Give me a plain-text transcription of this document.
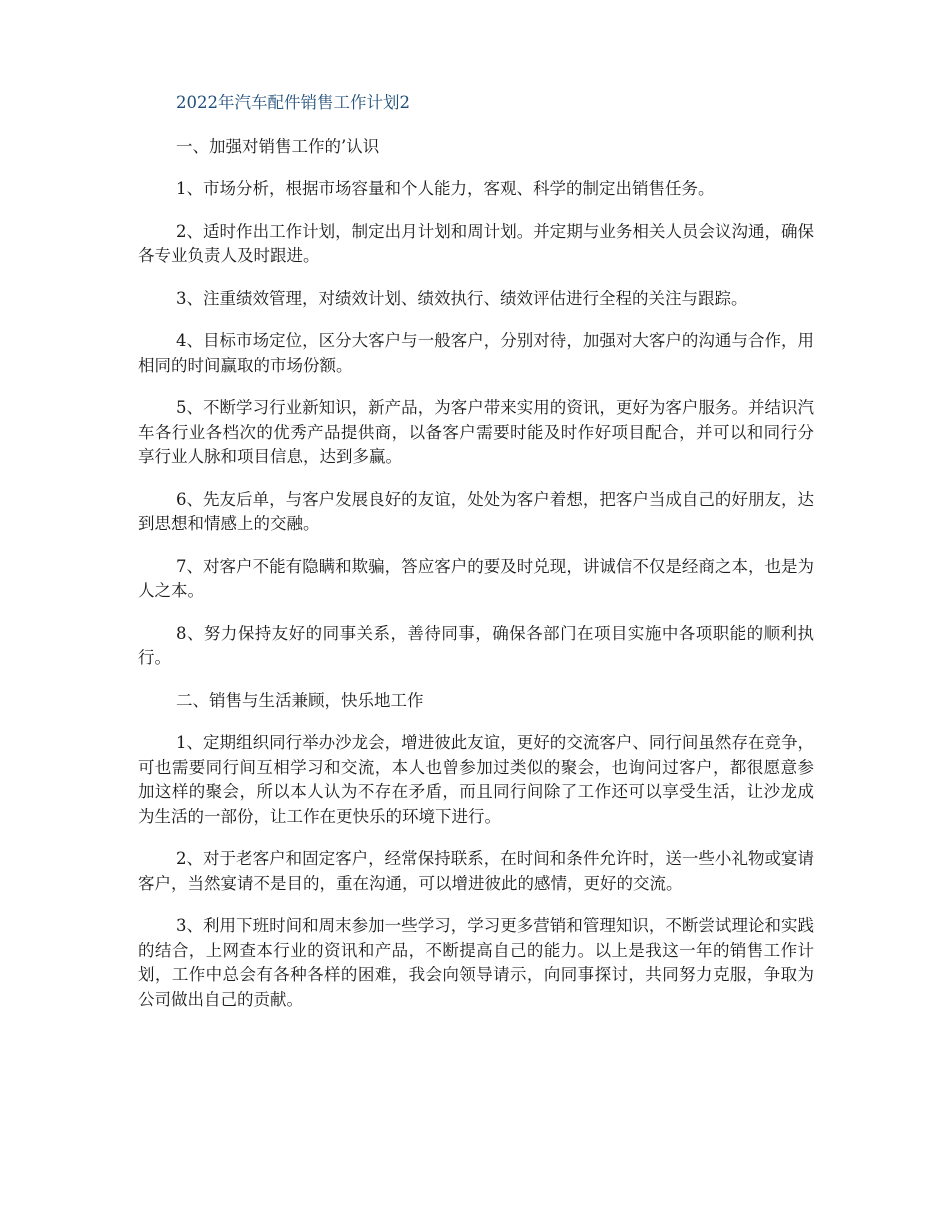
2022年汽车配件销售工作计划2
一、加强对销售工作的’认识
1、市场分析，根据市场容量和个人能力，客观、科学的制定出销售任务。
2、适时作出工作计划，制定出月计划和周计划。并定期与业务相关人员会议沟通，确保各专业负责人及时跟进。
3、注重绩效管理，对绩效计划、绩效执行、绩效评估进行全程的关注与跟踪。
4、目标市场定位，区分大客户与一般客户，分别对待，加强对大客户的沟通与合作，用相同的时间赢取的市场份额。
5、不断学习行业新知识，新产品，为客户带来实用的资讯，更好为客户服务。并结识汽车各行业各档次的优秀产品提供商，以备客户需要时能及时作好项目配合，并可以和同行分享行业人脉和项目信息，达到多赢。
6、先友后单，与客户发展良好的友谊，处处为客户着想，把客户当成自己的好朋友，达到思想和情感上的交融。
7、对客户不能有隐瞒和欺骗，答应客户的要及时兑现，讲诚信不仅是经商之本，也是为人之本。
8、努力保持友好的同事关系，善待同事，确保各部门在项目实施中各项职能的顺利执行。
二、销售与生活兼顾，快乐地工作
1、定期组织同行举办沙龙会，增进彼此友谊，更好的交流客户、同行间虽然存在竞争，可也需要同行间互相学习和交流，本人也曾参加过类似的聚会，也询问过客户，都很愿意参加这样的聚会，所以本人认为不存在矛盾，而且同行间除了工作还可以享受生活，让沙龙成为生活的一部份，让工作在更快乐的环境下进行。
2、对于老客户和固定客户，经常保持联系，在时间和条件允许时，送一些小礼物或宴请客户，当然宴请不是目的，重在沟通，可以增进彼此的感情，更好的交流。
3、利用下班时间和周末参加一些学习，学习更多营销和管理知识，不断尝试理论和实践的结合，上网查本行业的资讯和产品，不断提高自己的能力。以上是我这一年的销售工作计划，工作中总会有各种各样的困难，我会向领导请示，向同事探讨，共同努力克服，争取为公司做出自己的贡献。
